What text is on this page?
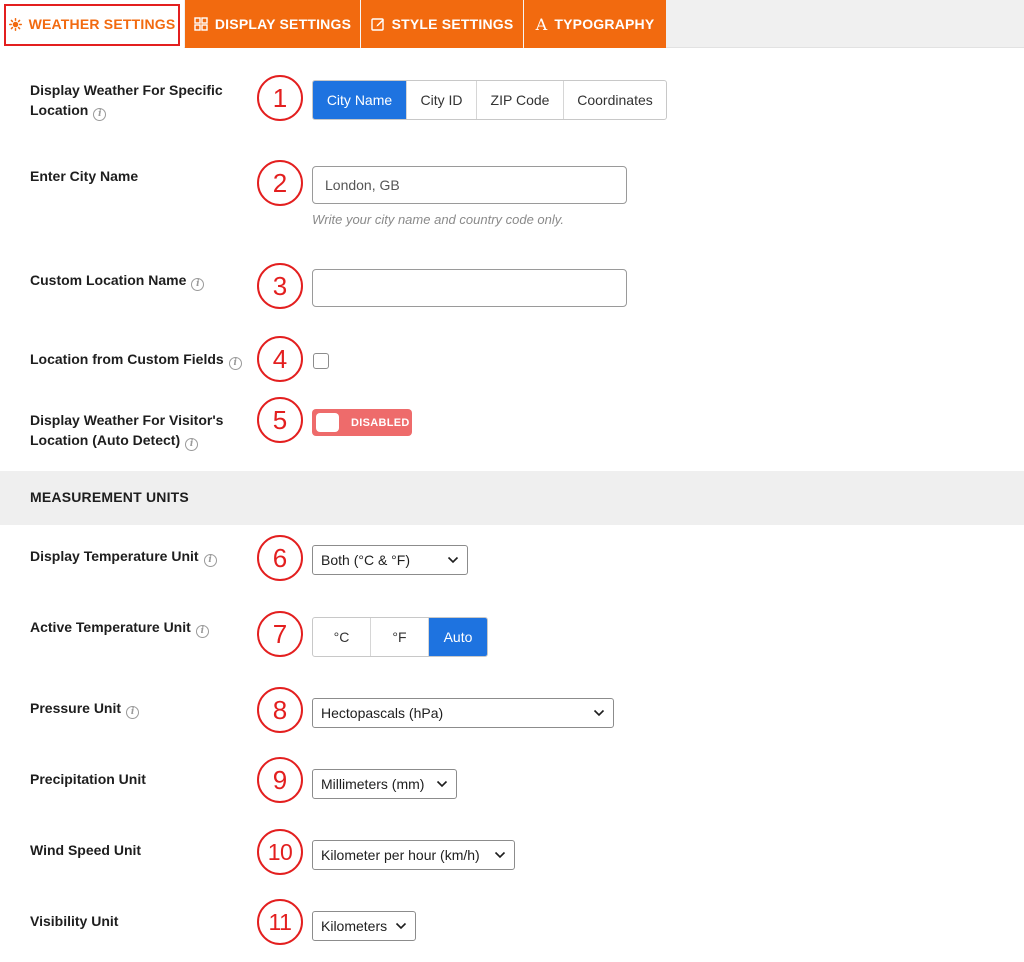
WEATHER SETTINGS	DISPLAY SETTINGS	STYLE SETTINGS A TYPOGRAPHY
Display Weather For Specific
Location i
1	City Name	City ID	ZIP Code	Coordinates
Enter City Name	2	London, GB
Write your city name and country code only.
Custom Location Name i	3
Location from Custom Fields i	4
Display Weather For Visitor's
Location (Auto Detect) i
5	DISABLED
MEASUREMENT UNITS
Display Temperature Unit i	6	Both (°C & °F)
Active Temperature Unit i	7	°C	°F	Auto
Pressure Unit i	8	Hectopascals (hPa)
Precipitation Unit	9	Millimeters (mm)
Wind Speed Unit	10	Kilometer per hour (km/h)
Visibility Unit	11	Kilometers
